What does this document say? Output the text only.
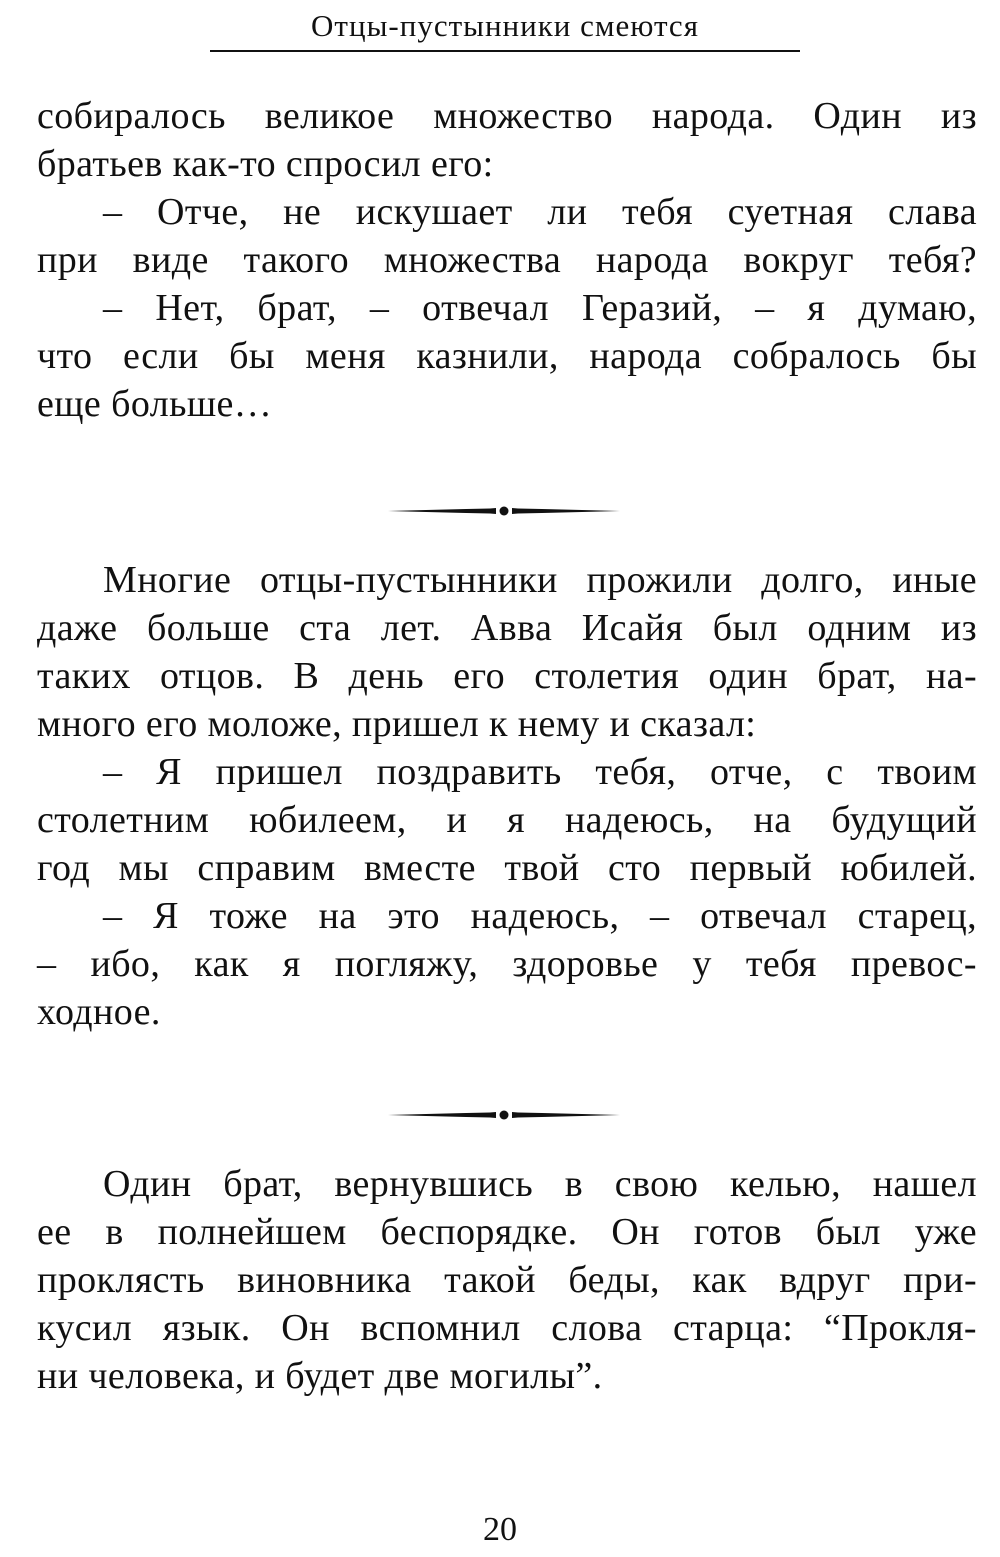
Отцы-пустынники смеются
собиралось великое множество народа. Один из
братьев как-то спросил его:
– Отче, не искушает ли тебя суетная слава
при виде такого множества народа вокруг тебя?
– Нет, брат, – отвечал Геразий, – я думаю,
что если бы меня казнили, народа собралось бы
еще больше…
Многие отцы-пустынники прожили долго, иные
даже больше ста лет. Авва Исайя был одним из
таких отцов. В день его столетия один брат, на-
много его моложе, пришел к нему и сказал:
– Я пришел поздравить тебя, отче, с твоим
столетним юбилеем, и я надеюсь, на будущий
год мы справим вместе твой сто первый юбилей.
– Я тоже на это надеюсь, – отвечал старец,
– ибо, как я погляжу, здоровье у тебя превос-
ходное.
Один брат, вернувшись в свою келью, нашел
ее в полнейшем беспорядке. Он готов был уже
проклясть виновника такой беды, как вдруг при-
кусил язык. Он вспомнил слова старца: “Прокля-
ни человека, и будет две могилы”.
20
